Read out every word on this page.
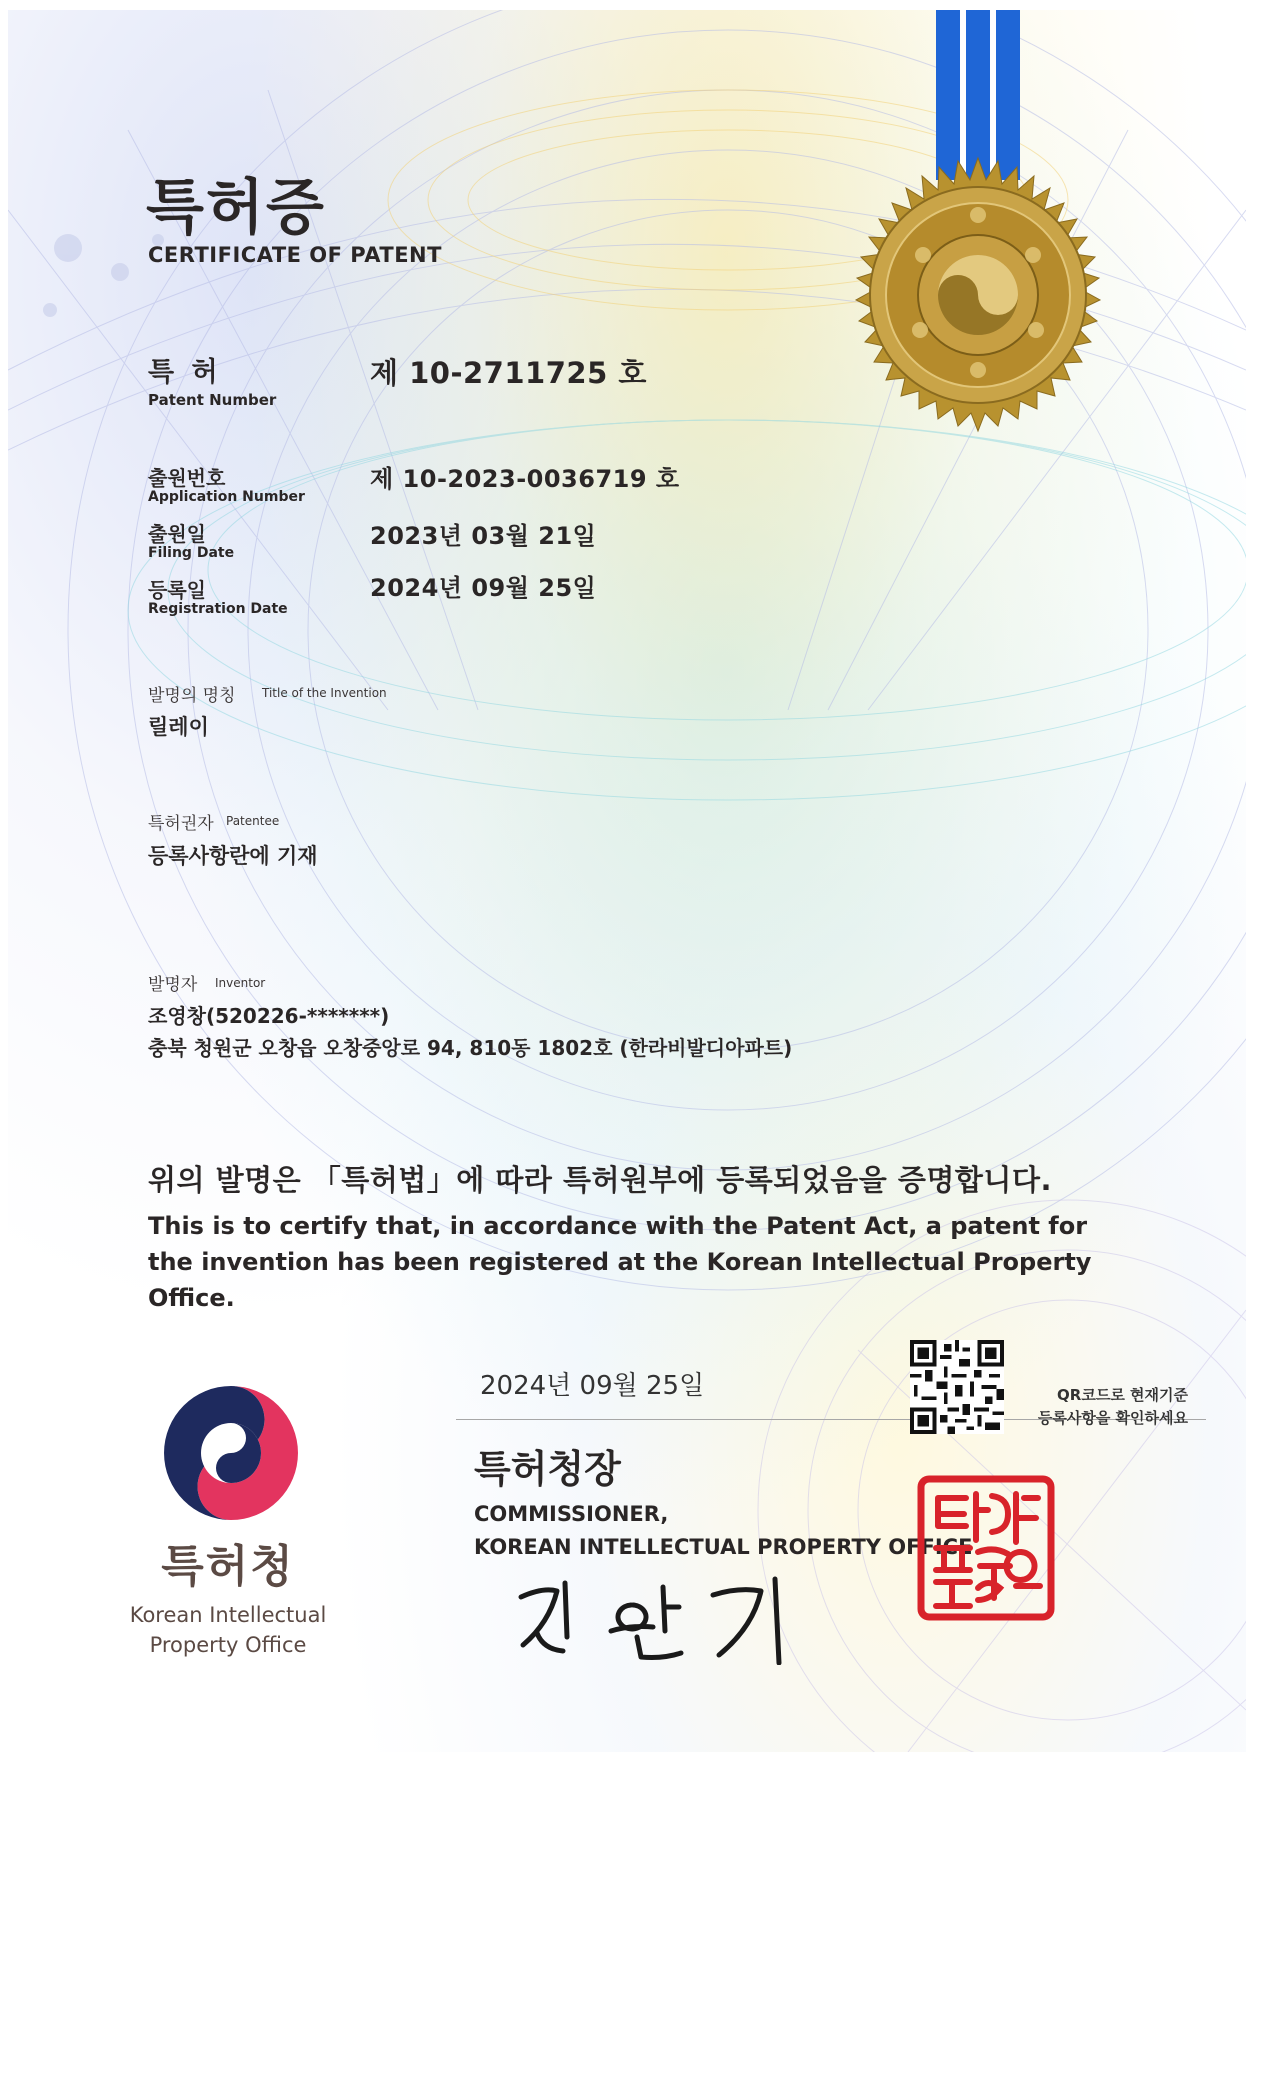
특허증
CERTIFICATE OF PATENT
특 허
Patent Number
제 10-2711725 호
출원번호
Application Number
제 10-2023-0036719 호
출원일
Filing Date
2023년 03월 21일
등록일
Registration Date
2024년 09월 25일
발명의 명칭 Title of the Invention
릴레이
특허권자 Patentee
등록사항란에 기재
발명자 Inventor
조영창(520226-*******)
충북 청원군 오창읍 오창중앙로 94, 810동 1802호 (한라비발디아파트)
위의 발명은 「특허법」에 따라 특허원부에 등록되었음을 증명합니다.
This is to certify that, in accordance with the Patent Act, a patent for the invention has been registered at the Korean Intellectual Property Office.
특허청
Korean Intellectual
Property Office
2024년 09월 25일
특허청장
COMMISSIONER,
KOREAN INTELLECTUAL PROPERTY OFFICE
QR코드로 현재기준
등록사항을 확인하세요
